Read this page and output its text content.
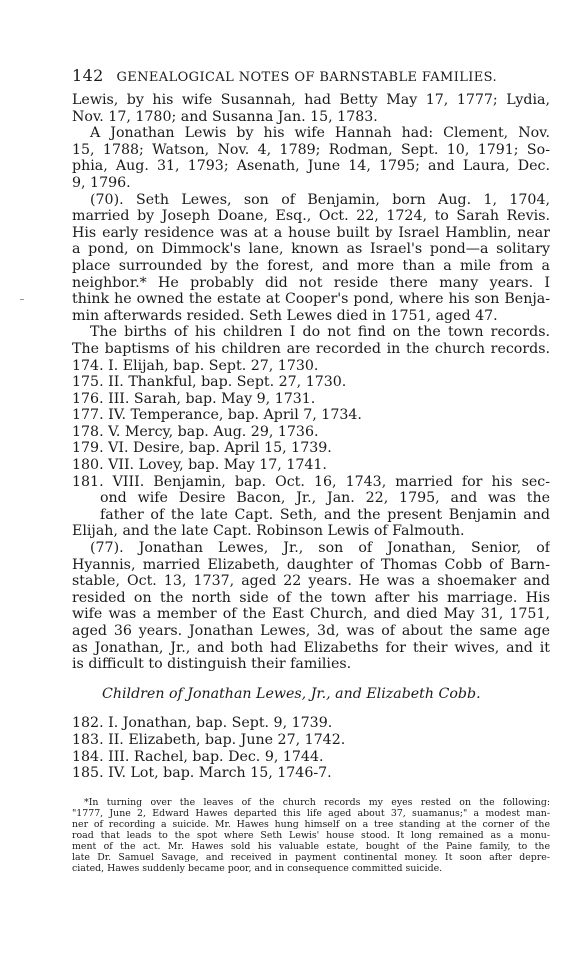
142 GENEALOGICAL NOTES OF BARNSTABLE FAMILIES.
Lewis, by his wife Susannah, had Betty May 17, 1777; Lydia,
Nov. 17, 1780; and Susanna Jan. 15, 1783.
A Jonathan Lewis by his wife Hannah had: Clement, Nov.
15, 1788; Watson, Nov. 4, 1789; Rodman, Sept. 10, 1791; So-
phia, Aug. 31, 1793; Asenath, June 14, 1795; and Laura, Dec.
9, 1796.
(70). Seth Lewes, son of Benjamin, born Aug. 1, 1704,
married by Joseph Doane, Esq., Oct. 22, 1724, to Sarah Revis.
His early residence was at a house built by Israel Hamblin, near
a pond, on Dimmock's lane, known as Israel's pond—a solitary
place surrounded by the forest, and more than a mile from a
neighbor.* He probably did not reside there many years. I
think he owned the estate at Cooper's pond, where his son Benja-
min afterwards resided. Seth Lewes died in 1751, aged 47.
The births of his children I do not find on the town records.
The baptisms of his children are recorded in the church records.
174. I. Elijah, bap. Sept. 27, 1730.
175. II. Thankful, bap. Sept. 27, 1730.
176. III. Sarah, bap. May 9, 1731.
177. IV. Temperance, bap. April 7, 1734.
178. V. Mercy, bap. Aug. 29, 1736.
179. VI. Desire, bap. April 15, 1739.
180. VII. Lovey, bap. May 17, 1741.
181. VIII. Benjamin, bap. Oct. 16, 1743, married for his sec-
ond wife Desire Bacon, Jr., Jan. 22, 1795, and was the
father of the late Capt. Seth, and the present Benjamin and
Elijah, and the late Capt. Robinson Lewis of Falmouth.
(77). Jonathan Lewes, Jr., son of Jonathan, Senior, of
Hyannis, married Elizabeth, daughter of Thomas Cobb of Barn-
stable, Oct. 13, 1737, aged 22 years. He was a shoemaker and
resided on the north side of the town after his marriage. His
wife was a member of the East Church, and died May 31, 1751,
aged 36 years. Jonathan Lewes, 3d, was of about the same age
as Jonathan, Jr., and both had Elizabeths for their wives, and it
is difficult to distinguish their families.
Children of Jonathan Lewes, Jr., and Elizabeth Cobb.
182. I. Jonathan, bap. Sept. 9, 1739.
183. II. Elizabeth, bap. June 27, 1742.
184. III. Rachel, bap. Dec. 9, 1744.
185. IV. Lot, bap. March 15, 1746-7.
*In turning over the leaves of the church records my eyes rested on the following:
"1777, June 2, Edward Hawes departed this life aged about 37, suamanus;" a modest man-
ner of recording a suicide. Mr. Hawes hung himself on a tree standing at the corner of the
road that leads to the spot where Seth Lewis' house stood. It long remained as a monu-
ment of the act. Mr. Hawes sold his valuable estate, bought of the Paine family, to the
late Dr. Samuel Savage, and received in payment continental money. It soon after depre-
ciated, Hawes suddenly became poor, and in consequence committed suicide.
